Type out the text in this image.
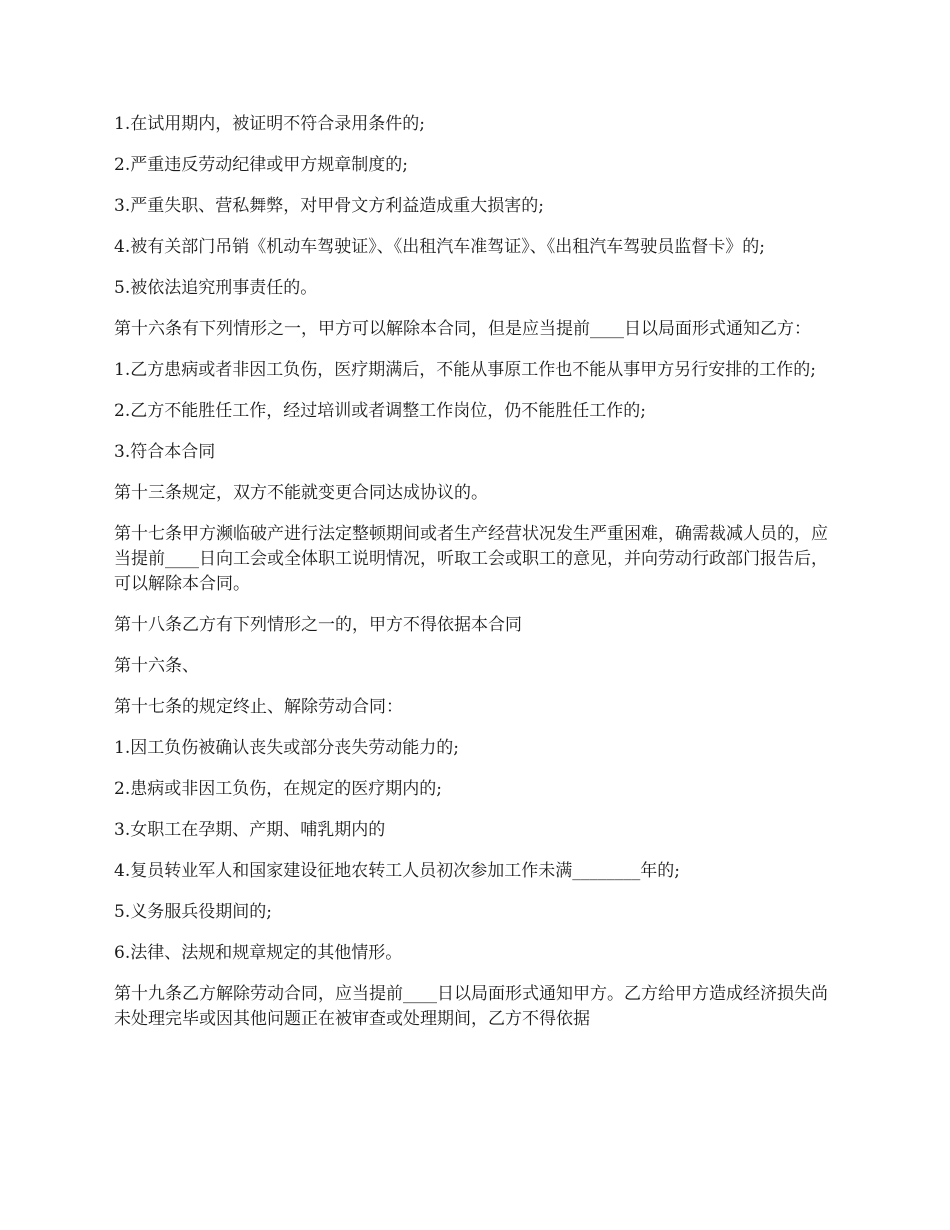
1.在试用期内，被证明不符合录用条件的;

2.严重违反劳动纪律或甲方规章制度的;

3.严重失职、营私舞弊，对甲骨文方利益造成重大损害的;

4.被有关部门吊销《机动车驾驶证》、《出租汽车准驾证》、《出租汽车驾驶员监督卡》的;

5.被依法追究刑事责任的。

第十六条有下列情形之一，甲方可以解除本合同，但是应当提前____日以局面形式通知乙方：

1.乙方患病或者非因工负伤，医疗期满后，不能从事原工作也不能从事甲方另行安排的工作的;

2.乙方不能胜任工作，经过培训或者调整工作岗位，仍不能胜任工作的;

3.符合本合同

第十三条规定，双方不能就变更合同达成协议的。

第十七条甲方濒临破产进行法定整顿期间或者生产经营状况发生严重困难，确需裁减人员的，应当提前____日向工会或全体职工说明情况，听取工会或职工的意见，并向劳动行政部门报告后，可以解除本合同。

第十八条乙方有下列情形之一的，甲方不得依据本合同

第十六条、

第十七条的规定终止、解除劳动合同：

1.因工负伤被确认丧失或部分丧失劳动能力的;

2.患病或非因工负伤，在规定的医疗期内的;

3.女职工在孕期、产期、哺乳期内的

4.复员转业军人和国家建设征地农转工人员初次参加工作未满________年的;

5.义务服兵役期间的;

6.法律、法规和规章规定的其他情形。

第十九条乙方解除劳动合同，应当提前____日以局面形式通知甲方。乙方给甲方造成经济损失尚未处理完毕或因其他问题正在被审查或处理期间，乙方不得依据
